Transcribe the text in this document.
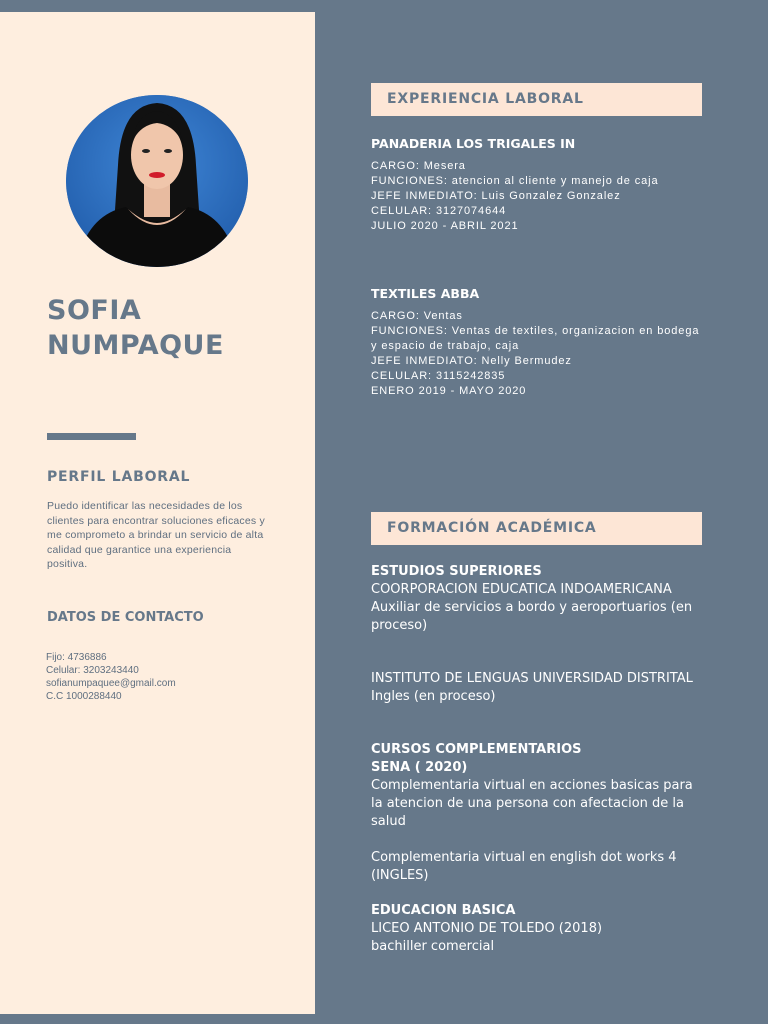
SOFIA
NUMPAQUE
PERFIL LABORAL

Puedo identificar las necesidades de los clientes para encontrar soluciones eficaces y me comprometo a brindar un servicio de alta calidad que garantice una experiencia positiva.

DATOS DE CONTACTO
Fijo: 4736886
Celular: 3203243440
sofianumpaquee@gmail.com
C.C 1000288440
EXPERIENCIA LABORAL
PANADERIA LOS TRIGALES IN

CARGO: Mesera

FUNCIONES: atencion al cliente y manejo de caja

JEFE INMEDIATO: Luis Gonzalez Gonzalez

CELULAR: 3127074644

JULIO 2020 - ABRIL 2021

TEXTILES ABBA

CARGO: Ventas

FUNCIONES: Ventas de textiles, organizacion en bodega y espacio de trabajo, caja

JEFE INMEDIATO: Nelly Bermudez

CELULAR: 3115242835

ENERO 2019 - MAYO 2020

FORMACIÓN ACADÉMICA

ESTUDIOS SUPERIORES

COORPORACION EDUCATICA INDOAMERICANA

Auxiliar de servicios a bordo y aeroportuarios (en proceso)

INSTITUTO DE LENGUAS UNIVERSIDAD DISTRITAL

Ingles (en proceso)

CURSOS COMPLEMENTARIOS

SENA ( 2020)

Complementaria virtual en acciones basicas para la atencion de una persona con afectacion de la salud

Complementaria virtual en english dot works 4 (INGLES)

EDUCACION BASICA

LICEO ANTONIO DE TOLEDO (2018)

bachiller comercial
